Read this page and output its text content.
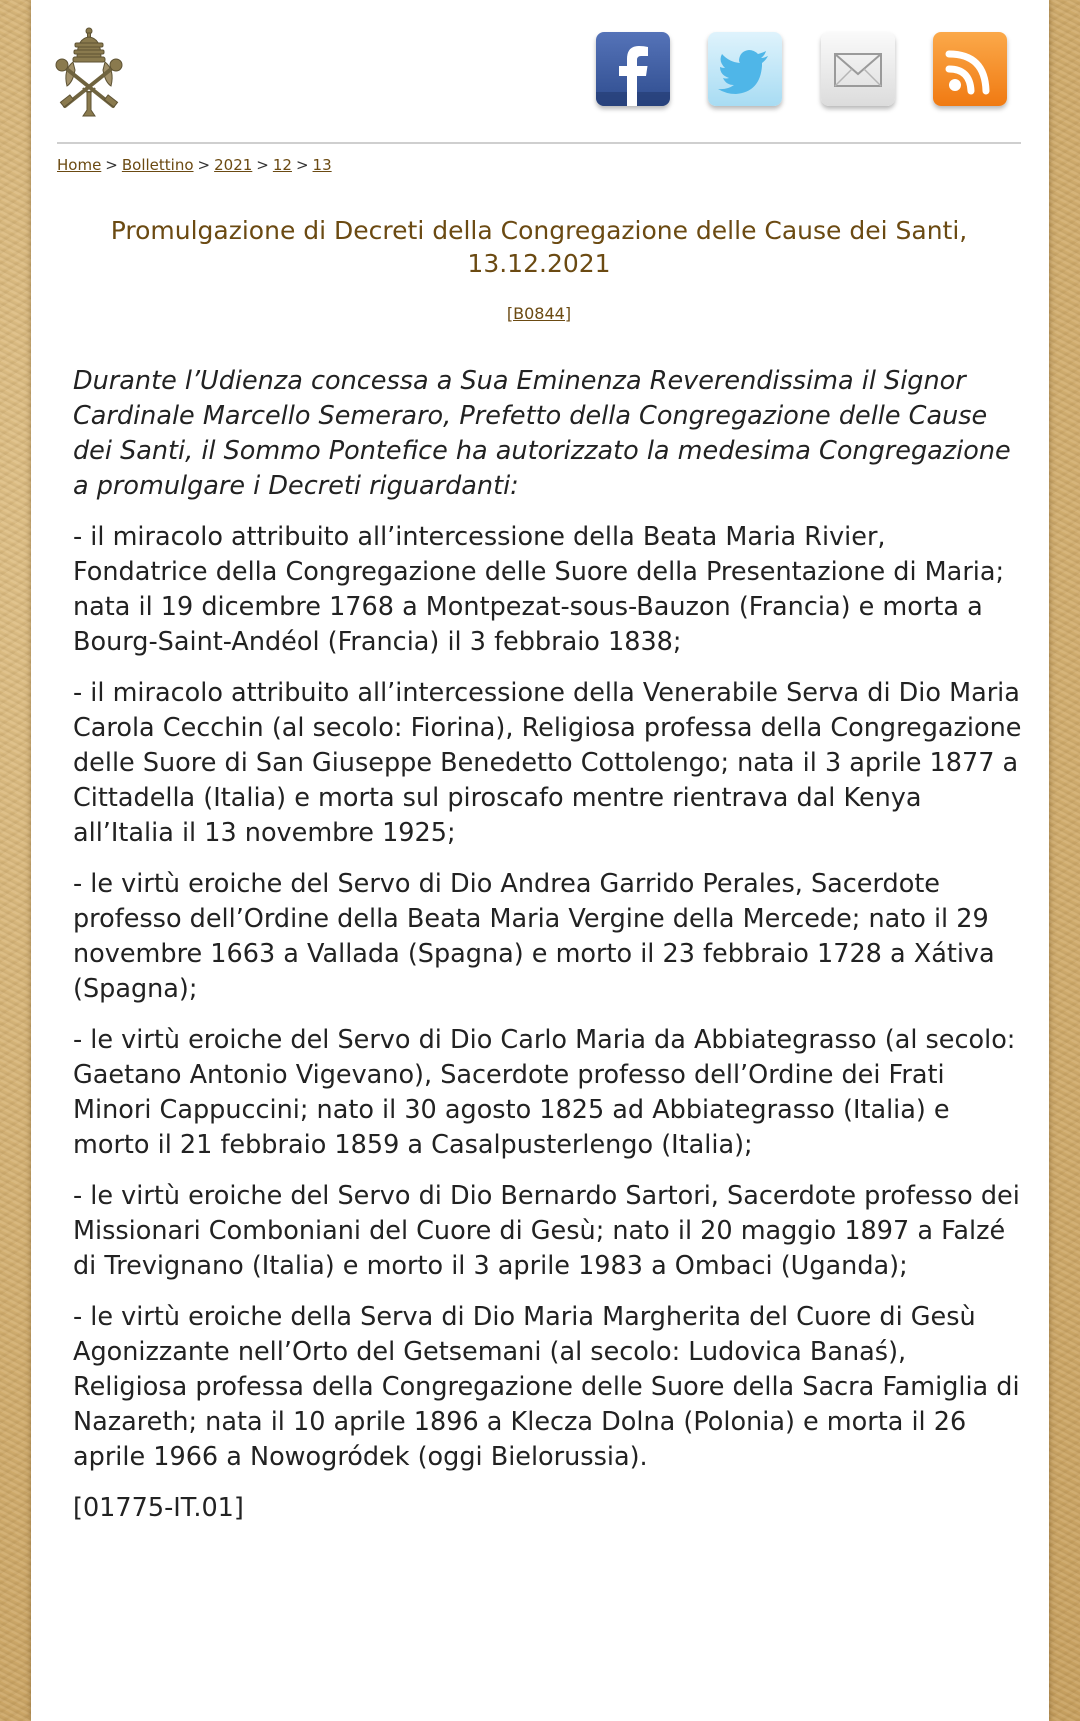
Home > Bollettino > 2021 > 12 > 13
Promulgazione di Decreti della Congregazione delle Cause dei Santi, 13.12.2021
[B0844]

Durante l’Udienza concessa a Sua Eminenza Reverendissima il Signor Cardinale Marcello Semeraro, Prefetto della Congregazione delle Cause dei Santi, il Sommo Pontefice ha autorizzato la medesima Congregazione a promulgare i Decreti riguardanti:

- il miracolo attribuito all’intercessione della Beata Maria Rivier, Fondatrice della Congregazione delle Suore della Presentazione di Maria; nata il 19 dicembre 1768 a Montpezat-sous-Bauzon (Francia) e morta a Bourg-Saint-Andéol (Francia) il 3 febbraio 1838;

- il miracolo attribuito all’intercessione della Venerabile Serva di Dio Maria Carola Cecchin (al secolo: Fiorina), Religiosa professa della Congregazione delle Suore di San Giuseppe Benedetto Cottolengo; nata il 3 aprile 1877 a Cittadella (Italia) e morta sul piroscafo mentre rientrava dal Kenya all’Italia il 13 novembre 1925;

- le virtù eroiche del Servo di Dio Andrea Garrido Perales, Sacerdote professo dell’Ordine della Beata Maria Vergine della Mercede; nato il 29 novembre 1663 a Vallada (Spagna) e morto il 23 febbraio 1728 a Xátiva (Spagna);

- le virtù eroiche del Servo di Dio Carlo Maria da Abbiategrasso (al secolo: Gaetano Antonio Vigevano), Sacerdote professo dell’Ordine dei Frati Minori Cappuccini; nato il 30 agosto 1825 ad Abbiategrasso (Italia) e morto il 21 febbraio 1859 a Casalpusterlengo (Italia);

- le virtù eroiche del Servo di Dio Bernardo Sartori, Sacerdote professo dei Missionari Comboniani del Cuore di Gesù; nato il 20 maggio 1897 a Falzé di Trevignano (Italia) e morto il 3 aprile 1983 a Ombaci (Uganda);

- le virtù eroiche della Serva di Dio Maria Margherita del Cuore di Gesù Agonizzante nell’Orto del Getsemani (al secolo: Ludovica Banaś), Religiosa professa della Congregazione delle Suore della Sacra Famiglia di Nazareth; nata il 10 aprile 1896 a Klecza Dolna (Polonia) e morta il 26 aprile 1966 a Nowogródek (oggi Bielorussia).

[01775-IT.01]
